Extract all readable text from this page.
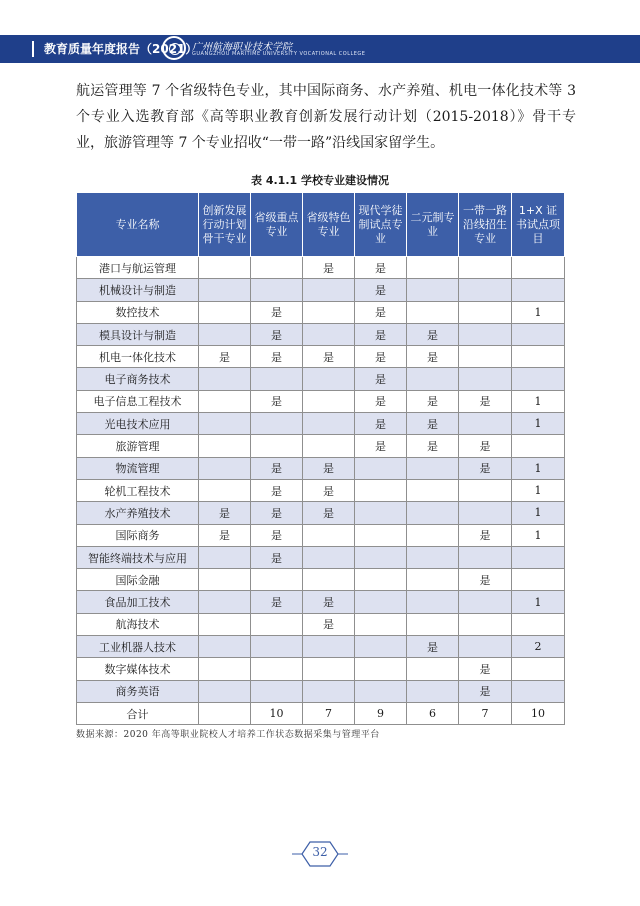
教育质量年度报告（2021）
广州航海职业技术学院
GUANGZHOU MARITIME UNIVERSITY VOCATIONAL COLLEGE
航运管理等 7 个省级特色专业，其中国际商务、水产养殖、机电一体化技术等 3 个专业入选教育部《高等职业教育创新发展行动计划（2015-2018）》骨干专业，旅游管理等 7 个专业招收“一带一路”沿线国家留学生。
表 4.1.1 学校专业建设情况
专业名称	创新发展行动计划骨干专业	省级重点专业	省级特色专业	现代学徒制试点专业	二元制专业	一带一路沿线招生专业	1+X 证书试点项目
港口与航运管理			是	是			
机械设计与制造				是			
数控技术		是		是			1
模具设计与制造		是		是	是		
机电一体化技术	是	是	是	是	是		
电子商务技术				是			
电子信息工程技术		是		是	是	是	1
光电技术应用				是	是		1
旅游管理				是	是	是	
物流管理		是	是			是	1
轮机工程技术		是	是				1
水产养殖技术	是	是	是				1
国际商务	是	是				是	1
智能终端技术与应用		是					
国际金融						是	
食品加工技术		是	是				1
航海技术			是				
工业机器人技术					是		2
数字媒体技术						是	
商务英语						是	
合计		10	7	9	6	7	10
数据来源：2020 年高等职业院校人才培养工作状态数据采集与管理平台
32
